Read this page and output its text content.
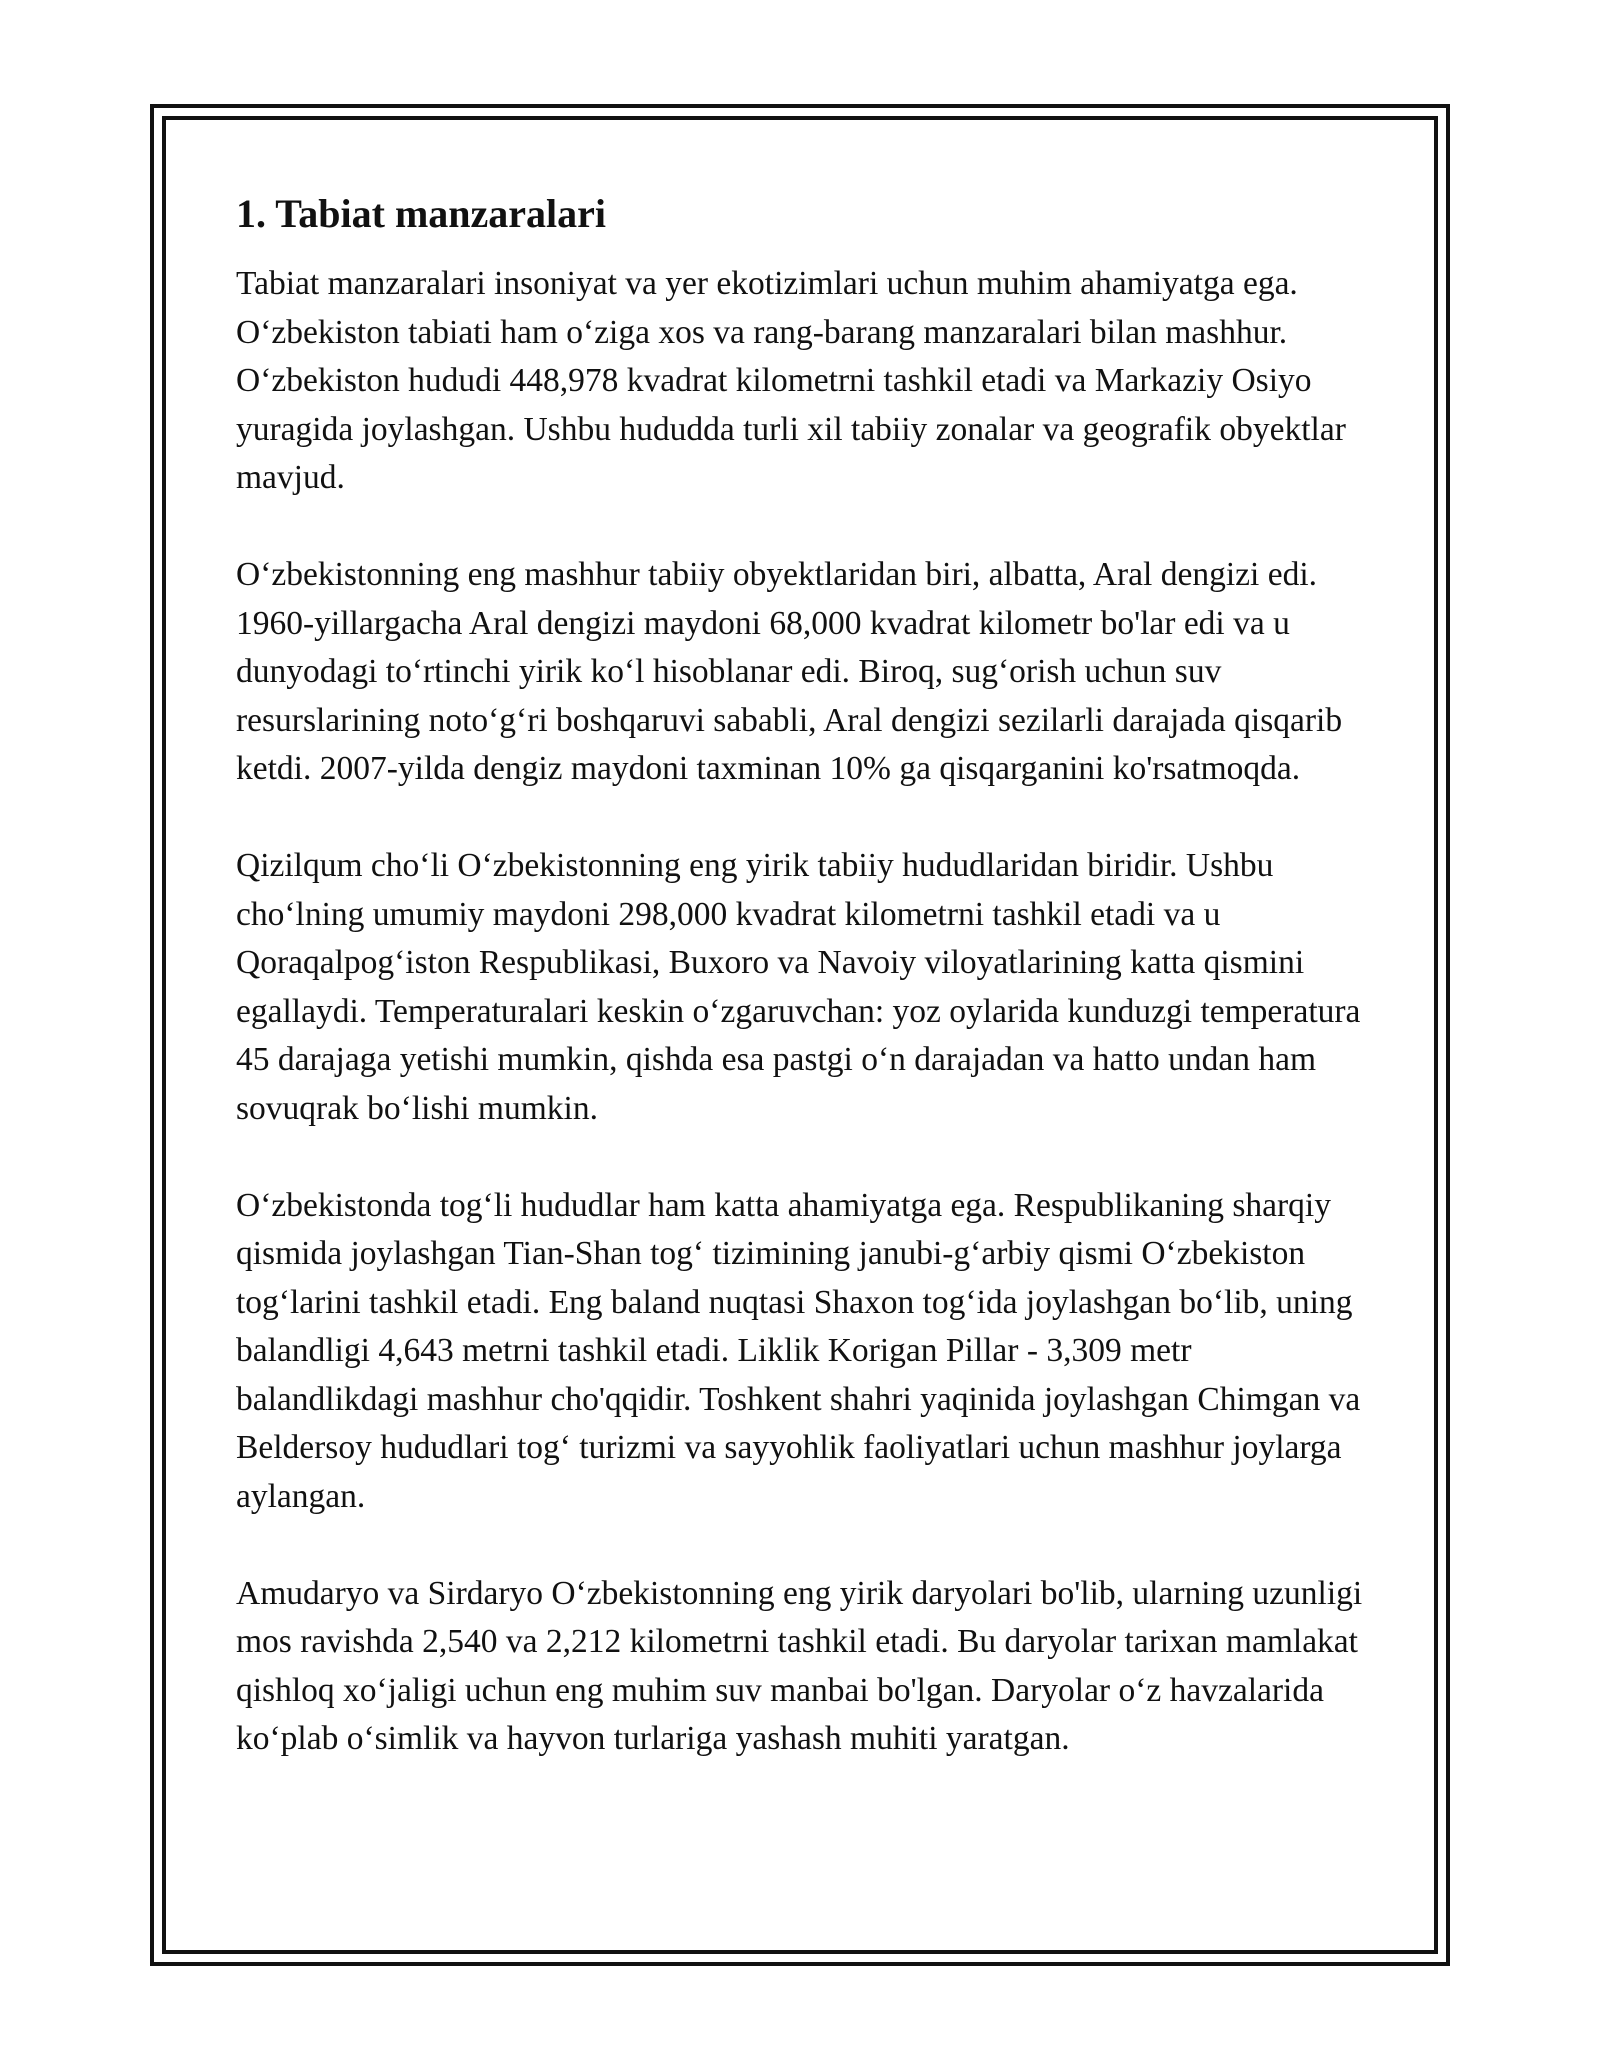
1. Tabiat manzaralari

Tabiat manzaralari insoniyat va yer ekotizimlari uchun muhim ahamiyatga ega. O‘zbekiston tabiati ham o‘ziga xos va rang-barang manzaralari bilan mashhur. O‘zbekiston hududi 448,978 kvadrat kilometrni tashkil etadi va Markaziy Osiyo yuragida joylashgan. Ushbu hududda turli xil tabiiy zonalar va geografik obyektlar mavjud.

O‘zbekistonning eng mashhur tabiiy obyektlaridan biri, albatta, Aral dengizi edi. 1960-yillargacha Aral dengizi maydoni 68,000 kvadrat kilometr bo'lar edi va u dunyodagi to‘rtinchi yirik ko‘l hisoblanar edi. Biroq, sug‘orish uchun suv resurslarining noto‘g‘ri boshqaruvi sababli, Aral dengizi sezilarli darajada qisqarib ketdi. 2007-yilda dengiz maydoni taxminan 10% ga qisqarganini ko'rsatmoqda.

Qizilqum cho‘li O‘zbekistonning eng yirik tabiiy hududlaridan biridir. Ushbu cho‘lning umumiy maydoni 298,000 kvadrat kilometrni tashkil etadi va u Qoraqalpog‘iston Respublikasi, Buxoro va Navoiy viloyatlarining katta qismini egallaydi. Temperaturalari keskin o‘zgaruvchan: yoz oylarida kunduzgi temperatura 45 darajaga yetishi mumkin, qishda esa pastgi o‘n darajadan va hatto undan ham sovuqrak bo‘lishi mumkin.

O‘zbekistonda tog‘li hududlar ham katta ahamiyatga ega. Respublikaning sharqiy qismida joylashgan Tian-Shan tog‘ tizimining janubi-g‘arbiy qismi O‘zbekiston tog‘larini tashkil etadi. Eng baland nuqtasi Shaxon tog‘ida joylashgan bo‘lib, uning balandligi 4,643 metrni tashkil etadi. Liklik Korigan Pillar - 3,309 metr balandlikdagi mashhur cho'qqidir. Toshkent shahri yaqinida joylashgan Chimgan va Beldersoy hududlari tog‘ turizmi va sayyohlik faoliyatlari uchun mashhur joylarga aylangan.

Amudaryo va Sirdaryo O‘zbekistonning eng yirik daryolari bo'lib, ularning uzunligi mos ravishda 2,540 va 2,212 kilometrni tashkil etadi. Bu daryolar tarixan mamlakat qishloq xo‘jaligi uchun eng muhim suv manbai bo'lgan. Daryolar o‘z havzalarida ko‘plab o‘simlik va hayvon turlariga yashash muhiti yaratgan.
